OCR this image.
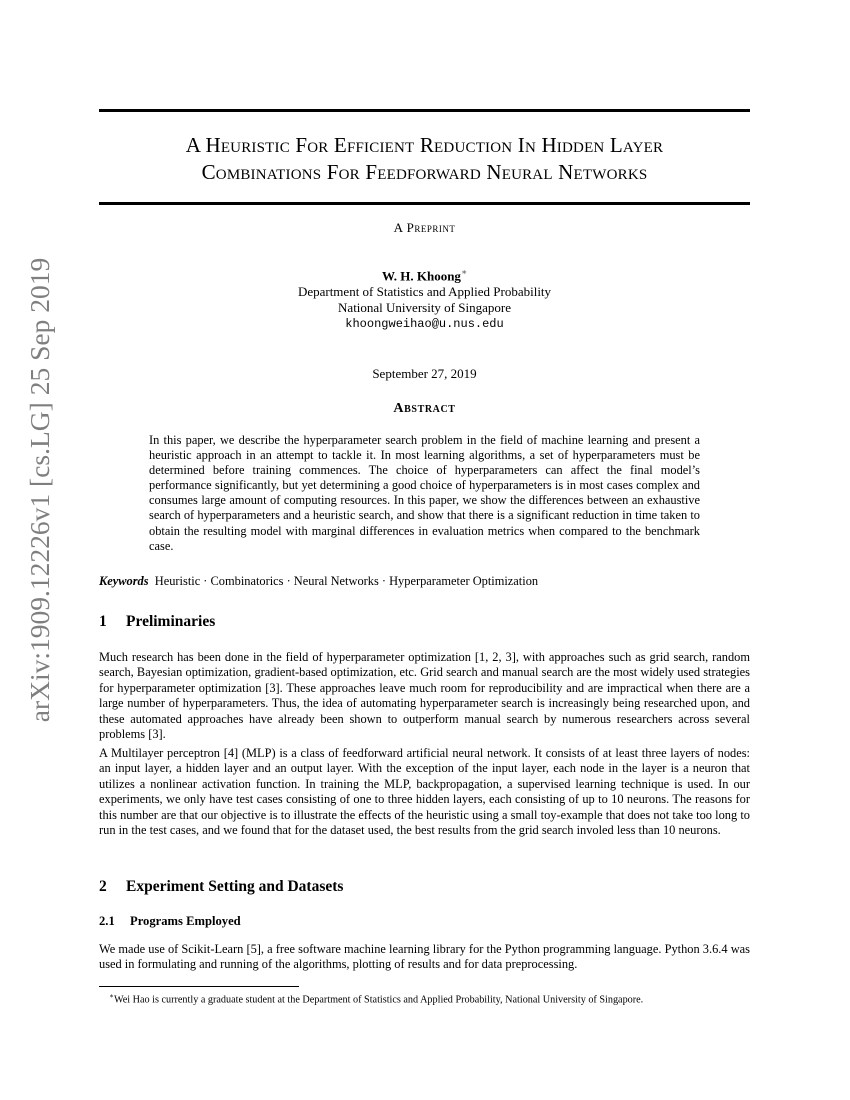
arXiv:1909.12226v1 [cs.LG] 25 Sep 2019
A Heuristic For Efficient Reduction In Hidden Layer
Combinations For Feedforward Neural Networks
A Preprint
W. H. Khoong∗
Department of Statistics and Applied Probability
National University of Singapore
khoongweihao@u.nus.edu
September 27, 2019
Abstract

In this paper, we describe the hyperparameter search problem in the field of machine learning and present a heuristic approach in an attempt to tackle it. In most learning algorithms, a set of hyperparameters must be determined before training commences. The choice of hyperparameters can affect the final model’s performance significantly, but yet determining a good choice of hyperparameters is in most cases complex and consumes large amount of computing resources. In this paper, we show the differences between an exhaustive search of hyperparameters and a heuristic search, and show that there is a significant reduction in time taken to obtain the resulting model with marginal differences in evaluation metrics when compared to the benchmark case.

Keywords Heuristic · Combinatorics · Neural Networks · Hyperparameter Optimization
1 Preliminaries

Much research has been done in the field of hyperparameter optimization [1, 2, 3], with approaches such as grid search, random search, Bayesian optimization, gradient-based optimization, etc. Grid search and manual search are the most widely used strategies for hyperparameter optimization [3]. These approaches leave much room for reproducibility and are impractical when there are a large number of hyperparameters. Thus, the idea of automating hyperparameter search is increasingly being researched upon, and these automated approaches have already been shown to outperform manual search by numerous researchers across several problems [3].

A Multilayer perceptron [4] (MLP) is a class of feedforward artificial neural network. It consists of at least three layers of nodes: an input layer, a hidden layer and an output layer. With the exception of the input layer, each node in the layer is a neuron that utilizes a nonlinear activation function. In training the MLP, backpropagation, a supervised learning technique is used. In our experiments, we only have test cases consisting of one to three hidden layers, each consisting of up to 10 neurons. The reasons for this number are that our objective is to illustrate the effects of the heuristic using a small toy-example that does not take too long to run in the test cases, and we found that for the dataset used, the best results from the grid search involed less than 10 neurons.

2 Experiment Setting and Datasets
2.1 Programs Employed

We made use of Scikit-Learn [5], a free software machine learning library for the Python programming language. Python 3.6.4 was used in formulating and running of the algorithms, plotting of results and for data preprocessing.

∗Wei Hao is currently a graduate student at the Department of Statistics and Applied Probability, National University of Singapore.
